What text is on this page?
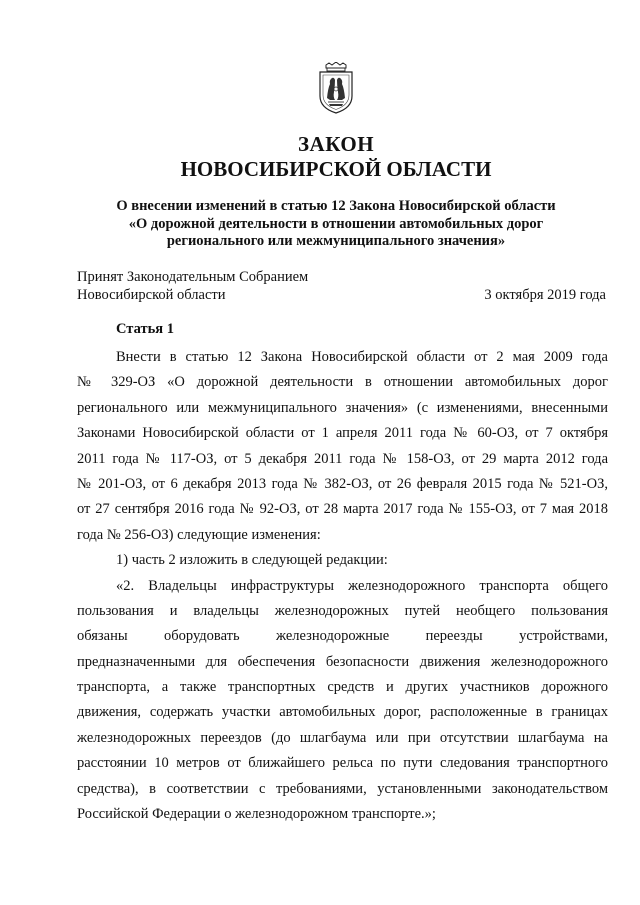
ЗАКОН
НОВОСИБИРСКОЙ ОБЛАСТИ
О внесении изменений в статью 12 Закона Новосибирской области
«О дорожной деятельности в отношении автомобильных дорог
регионального или межмуниципального значения»
Принят Законодательным Собранием
Новосибирской области	3 октября 2019 года
Статья 1
Внести в статью 12 Закона Новосибирской области от 2 мая 2009 года
№ 329-ОЗ «О дорожной деятельности в отношении автомобильных дорог
регионального или межмуниципального значения» (с изменениями, внесенными
Законами Новосибирской области от 1 апреля 2011 года № 60-ОЗ, от 7 октября
2011 года № 117-ОЗ, от 5 декабря 2011 года № 158-ОЗ, от 29 марта 2012 года
№ 201-ОЗ, от 6 декабря 2013 года № 382-ОЗ, от 26 февраля 2015 года № 521-ОЗ,
от 27 сентября 2016 года № 92-ОЗ, от 28 марта 2017 года № 155-ОЗ, от 7 мая 2018
года № 256-ОЗ) следующие изменения:
1) часть 2 изложить в следующей редакции:
«2. Владельцы инфраструктуры железнодорожного транспорта общего
пользования и владельцы железнодорожных путей необщего пользования
обязаны оборудовать железнодорожные переезды устройствами,
предназначенными для обеспечения безопасности движения железнодорожного
транспорта, а также транспортных средств и других участников дорожного
движения, содержать участки автомобильных дорог, расположенные в границах
железнодорожных переездов (до шлагбаума или при отсутствии шлагбаума на
расстоянии 10 метров от ближайшего рельса по пути следования транспортного
средства), в соответствии с требованиями, установленными законодательством
Российской Федерации о железнодорожном транспорте.»;
